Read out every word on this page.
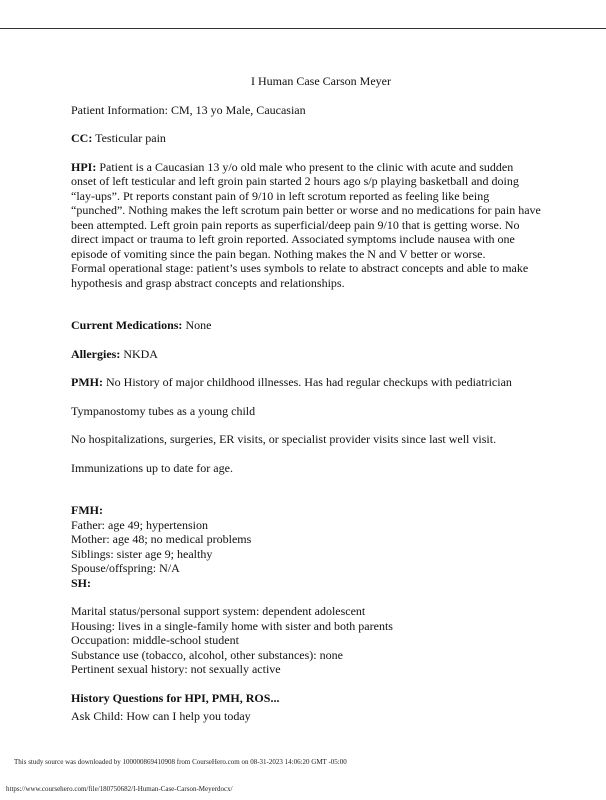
I Human Case Carson Meyer
Patient Information: CM, 13 yo Male, Caucasian
CC: Testicular pain
HPI: Patient is a Caucasian 13 y/o old male who present to the clinic with acute and sudden onset of left testicular and left groin pain started 2 hours ago s/p playing basketball and doing “lay-ups”. Pt reports constant pain of 9/10 in left scrotum reported as feeling like being “punched”. Nothing makes the left scrotum pain better or worse and no medications for pain have been attempted. Left groin pain reports as superficial/deep pain 9/10 that is getting worse. No direct impact or trauma to left groin reported. Associated symptoms include nausea with one episode of vomiting since the pain began. Nothing makes the N and V better or worse.
Formal operational stage: patient’s uses symbols to relate to abstract concepts and able to make hypothesis and grasp abstract concepts and relationships.
Current Medications: None
Allergies: NKDA
PMH: No History of major childhood illnesses. Has had regular checkups with pediatrician
Tympanostomy tubes as a young child
No hospitalizations, surgeries, ER visits, or specialist provider visits since last well visit.
Immunizations up to date for age.
FMH:
Father: age 49; hypertension
Mother: age 48; no medical problems
Siblings: sister age 9; healthy
Spouse/offspring: N/A
SH:
Marital status/personal support system: dependent adolescent
Housing: lives in a single-family home with sister and both parents
Occupation: middle-school student
Substance use (tobacco, alcohol, other substances): none
Pertinent sexual history: not sexually active
History Questions for HPI, PMH, ROS...
Ask Child: How can I help you today
This study source was downloaded by 100000869410908 from CourseHero.com on 08-31-2023 14:06:20 GMT -05:00
https://www.coursehero.com/file/180750682/I-Human-Case-Carson-Meyerdocx/
